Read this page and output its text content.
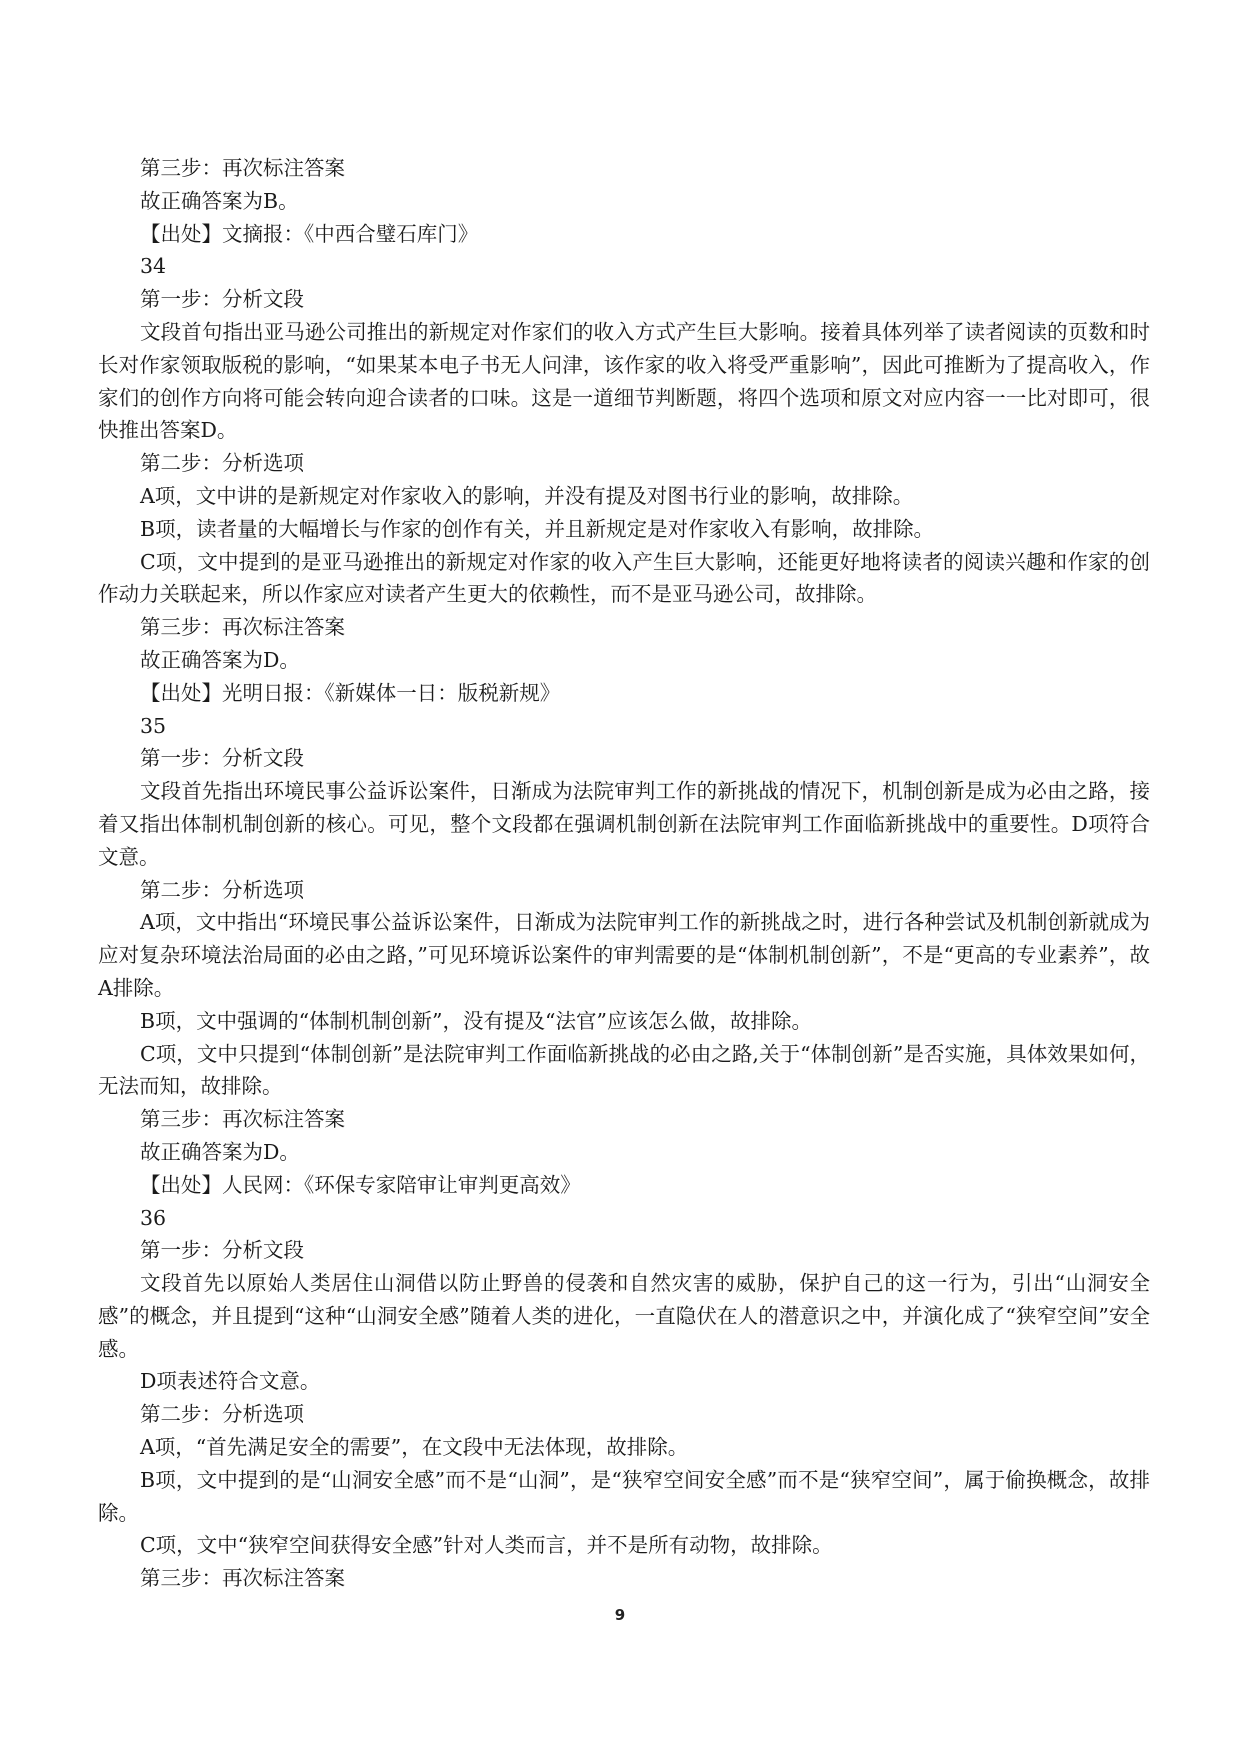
第三步：再次标注答案

故正确答案为B。

【出处】文摘报：《中西合璧石库门》

34

第一步：分析文段

文段首句指出亚马逊公司推出的新规定对作家们的收入方式产生巨大影响。接着具体列举了读者阅读的页数和时长对作家领取版税的影响，“如果某本电子书无人问津，该作家的收入将受严重影响”，因此可推断为了提高收入，作家们的创作方向将可能会转向迎合读者的口味。这是一道细节判断题，将四个选项和原文对应内容一一比对即可，很快推出答案D。

第二步：分析选项

A项，文中讲的是新规定对作家收入的影响，并没有提及对图书行业的影响，故排除。

B项，读者量的大幅增长与作家的创作有关，并且新规定是对作家收入有影响，故排除。

C项，文中提到的是亚马逊推出的新规定对作家的收入产生巨大影响，还能更好地将读者的阅读兴趣和作家的创作动力关联起来，所以作家应对读者产生更大的依赖性，而不是亚马逊公司，故排除。

第三步：再次标注答案

故正确答案为D。

【出处】光明日报：《新媒体一日：版税新规》

35

第一步：分析文段

文段首先指出环境民事公益诉讼案件，日渐成为法院审判工作的新挑战的情况下，机制创新是成为必由之路，接着又指出体制机制创新的核心。可见，整个文段都在强调机制创新在法院审判工作面临新挑战中的重要性。D项符合文意。

第二步：分析选项

A项，文中指出“环境民事公益诉讼案件，日渐成为法院审判工作的新挑战之时，进行各种尝试及机制创新就成为应对复杂环境法治局面的必由之路，”可见环境诉讼案件的审判需要的是“体制机制创新”，不是“更高的专业素养”，故A排除。

B项，文中强调的“体制机制创新”，没有提及“法官”应该怎么做，故排除。

C项，文中只提到“体制创新”是法院审判工作面临新挑战的必由之路,关于“体制创新”是否实施，具体效果如何，无法而知，故排除。

第三步：再次标注答案

故正确答案为D。

【出处】人民网：《环保专家陪审让审判更高效》

36

第一步：分析文段

文段首先以原始人类居住山洞借以防止野兽的侵袭和自然灾害的威胁，保护自己的这一行为，引出“山洞安全感”的概念，并且提到“这种“山洞安全感”随着人类的进化，一直隐伏在人的潜意识之中，并演化成了“狭窄空间”安全感。

D项表述符合文意。

第二步：分析选项

A项，“首先满足安全的需要”，在文段中无法体现，故排除。

B项，文中提到的是“山洞安全感”而不是“山洞”，是“狭窄空间安全感”而不是“狭窄空间”，属于偷换概念，故排除。

C项，文中“狭窄空间获得安全感”针对人类而言，并不是所有动物，故排除。

第三步：再次标注答案

9
